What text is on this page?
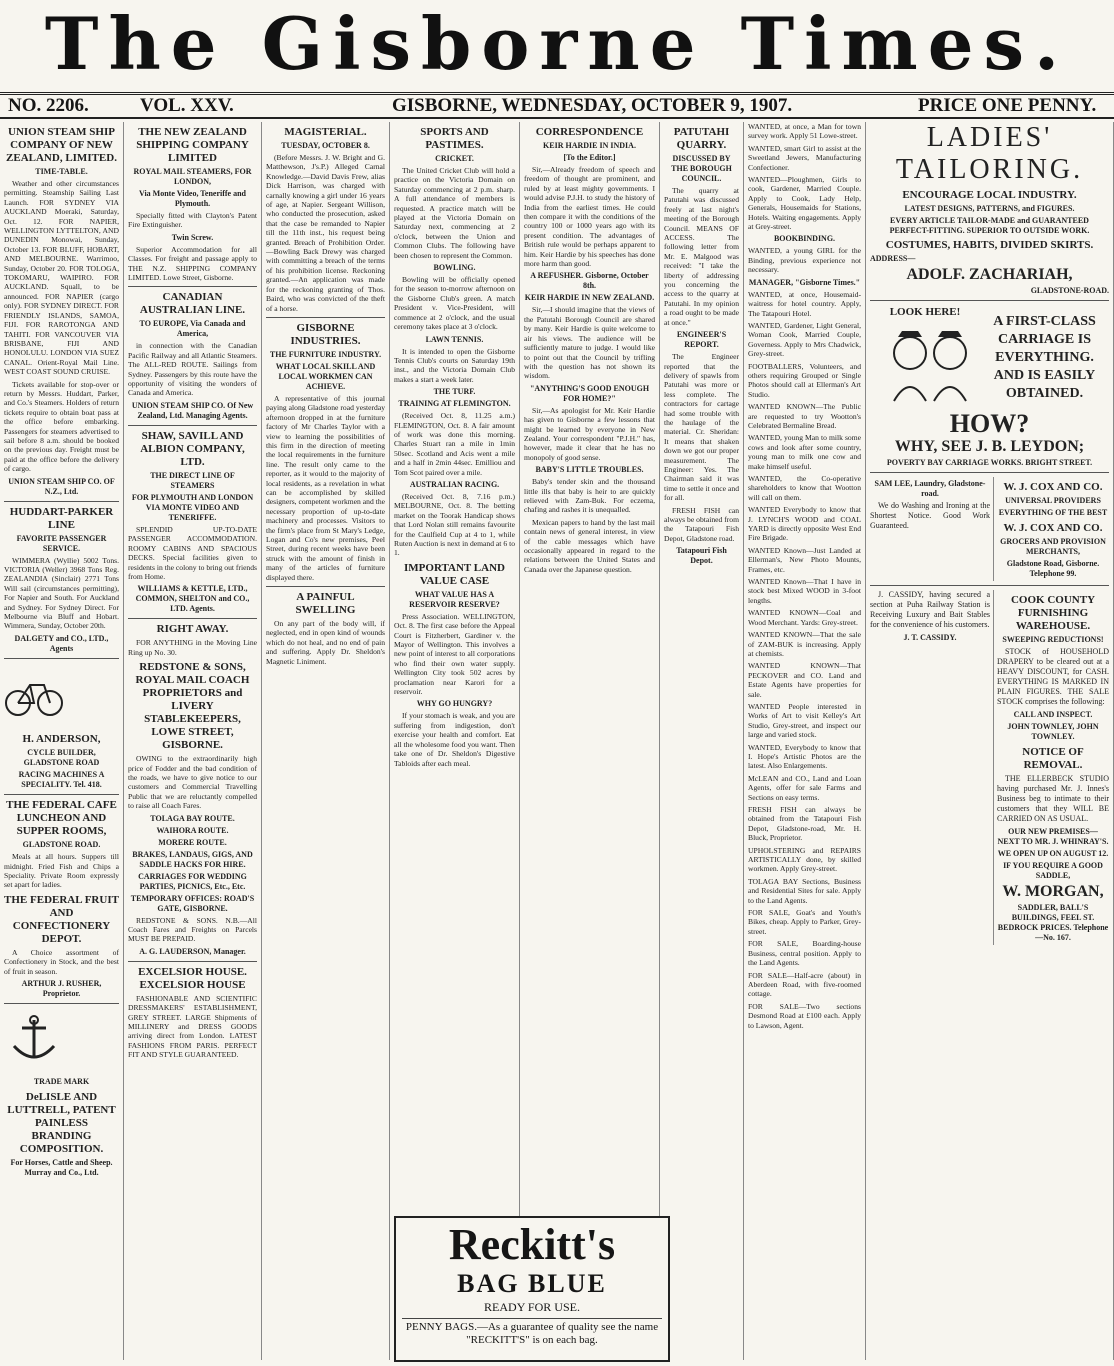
The Gisborne Times.
NO. 2206.	VOL. XXV.	GISBORNE, WEDNESDAY, OCTOBER 9, 1907.	PRICE ONE PENNY.
UNION STEAM SHIP COMPANY OF NEW ZEALAND, LIMITED.
TIME-TABLE.

Weather and other circumstances permitting. Steamship Sailing Last Launch. FOR SYDNEY VIA AUCKLAND Moeraki, Saturday, Oct. 12. FOR NAPIER, WELLINGTON LYTTELTON, AND DUNEDIN Monowai, Sunday, October 13. FOR BLUFF, HOBART, AND MELBOURNE. Warrimoo, Sunday, October 20. FOR TOLOGA, TOKOMARU, WAIPIRO. FOR AUCKLAND. Squall, to be announced. FOR NAPIER (cargo only). FOR SYDNEY DIRECT. FOR FRIENDLY ISLANDS, SAMOA, FIJI. FOR RAROTONGA AND TAHITI. FOR VANCOUVER VIA BRISBANE, FIJI AND HONOLULU. LONDON VIA SUEZ CANAL. Orient-Royal Mail Line. WEST COAST SOUND CRUISE.

Tickets available for stop-over or return by Messrs. Huddart, Parker, and Co.'s Steamers. Holders of return tickets require to obtain boat pass at the office before embarking. Passengers for steamers advertised to sail before 8 a.m. should be booked on the previous day. Freight must be paid at the office before the delivery of cargo.

UNION STEAM SHIP CO. OF N.Z., Ltd.
HUDDART-PARKER LINE
FAVORITE PASSENGER SERVICE.

WIMMERA (Wyllie) 5002 Tons. VICTORIA (Weller) 3968 Tons Reg. ZEALANDIA (Sinclair) 2771 Tons Will sail (circumstances permitting), For Napier and South. For Auckland and Sydney. For Sydney Direct. For Melbourne via Bluff and Hobart. Wimmera, Sunday, October 20th.

DALGETY and CO., LTD., Agents
H. ANDERSON,
CYCLE BUILDER, GLADSTONE ROAD
RACING MACHINES A SPECIALITY. Tel. 418.
THE FEDERAL CAFE LUNCHEON AND SUPPER ROOMS,
GLADSTONE ROAD.

Meals at all hours. Suppers till midnight. Fried Fish and Chips a Speciality. Private Room expressly set apart for ladies.

THE FEDERAL FRUIT AND CONFECTIONERY DEPOT.

A Choice assortment of Confectionery in Stock, and the best of fruit in season.

ARTHUR J. RUSHER, Proprietor.
TRADE MARK
DeLISLE AND LUTTRELL, PATENT PAINLESS BRANDING COMPOSITION.
For Horses, Cattle and Sheep. Murray and Co., Ltd.
THE NEW ZEALAND SHIPPING COMPANY LIMITED
ROYAL MAIL STEAMERS, FOR LONDON,
Via Monte Video, Teneriffe and Plymouth.

Specially fitted with Clayton's Patent Fire Extinguisher.

Twin Screw.

Superior Accommodation for all Classes. For freight and passage apply to THE N.Z. SHIPPING COMPANY LIMITED. Lowe Street, Gisborne.

CANADIAN AUSTRALIAN LINE.
TO EUROPE, Via Canada and America,

in connection with the Canadian Pacific Railway and all Atlantic Steamers. The ALL-RED ROUTE. Sailings from Sydney. Passengers by this route have the opportunity of visiting the wonders of Canada and America.

UNION STEAM SHIP CO. Of New Zealand, Ltd. Managing Agents.
SHAW, SAVILL AND ALBION COMPANY, LTD.
THE DIRECT LINE OF STEAMERS
FOR PLYMOUTH AND LONDON VIA MONTE VIDEO AND TENERIFFE.

SPLENDID UP-TO-DATE PASSENGER ACCOMMODATION. ROOMY CABINS AND SPACIOUS DECKS. Special facilities given to residents in the colony to bring out friends from Home.

WILLIAMS & KETTLE, LTD., COMMON, SHELTON and CO., LTD. Agents.
RIGHT AWAY.

FOR ANYTHING in the Moving Line Ring up No. 30.

REDSTONE & SONS, ROYAL MAIL COACH PROPRIETORS and LIVERY STABLEKEEPERS, LOWE STREET, GISBORNE.

OWING to the extraordinarily high price of Fodder and the bad condition of the roads, we have to give notice to our customers and Commercial Travelling Public that we are reluctantly compelled to raise all Coach Fares.

TOLAGA BAY ROUTE.
WAIHORA ROUTE.
MORERE ROUTE.
BRAKES, LANDAUS, GIGS, AND SADDLE HACKS FOR HIRE.
CARRIAGES FOR WEDDING PARTIES, PICNICS, Etc., Etc.
TEMPORARY OFFICES: ROAD'S GATE, GISBORNE.

REDSTONE & SONS. N.B.—All Coach Fares and Freights on Parcels MUST BE PREPAID.

A. G. LAUDERSON, Manager.
EXCELSIOR HOUSE. EXCELSIOR HOUSE

FASHIONABLE AND SCIENTIFIC DRESSMAKERS' ESTABLISHMENT, GREY STREET. LARGE Shipments of MILLINERY and DRESS GOODS arriving direct from London. LATEST FASHIONS FROM PARIS. PERFECT FIT AND STYLE GUARANTEED.

MAGISTERIAL.
TUESDAY, OCTOBER 8.

(Before Messrs. J. W. Bright and G. Matthewson, J's.P.) Alleged Carnal Knowledge.—David Davis Frew, alias Dick Harrison, was charged with carnally knowing a girl under 16 years of age, at Napier. Sergeant Willison, who conducted the prosecution, asked that the case be remanded to Napier till the 11th inst., his request being granted. Breach of Prohibition Order.—Bowling Back Drewy was charged with committing a breach of the terms of his prohibition license. Reckoning granted.—An application was made for the reckoning granting of Thos. Baird, who was convicted of the theft of a horse.

GISBORNE INDUSTRIES.
THE FURNITURE INDUSTRY.
WHAT LOCAL SKILL AND LOCAL WORKMEN CAN ACHIEVE.

A representative of this journal paying along Gladstone road yesterday afternoon dropped in at the furniture factory of Mr Charles Taylor with a view to learning the possibilities of this firm in the direction of meeting the local requirements in the furniture line. The result only came to the reporter, as it would to the majority of local residents, as a revelation in what can be accomplished by skilled designers, competent workmen and the necessary proportion of up-to-date machinery and processes. Visitors to the firm's place from St Mary's Ledge, Logan and Co's new premises, Peel Street, during recent weeks have been struck with the amount of finish in many of the articles of furniture displayed there.

A PAINFUL SWELLING

On any part of the body will, if neglected, end in open kind of wounds which do not heal, and no end of pain and suffering. Apply Dr. Sheldon's Magnetic Liniment.

SPORTS AND PASTIMES.
CRICKET.

The United Cricket Club will hold a practice on the Victoria Domain on Saturday commencing at 2 p.m. sharp. A full attendance of members is requested. A practice match will be played at the Victoria Domain on Saturday next, commencing at 2 o'clock, between the Union and Common Clubs. The following have been chosen to represent the Common.

BOWLING.

Bowling will be officially opened for the season to-morrow afternoon on the Gisborne Club's green. A match President v. Vice-President, will commence at 2 o'clock, and the usual ceremony takes place at 3 o'clock.

LAWN TENNIS.

It is intended to open the Gisborne Tennis Club's courts on Saturday 19th inst., and the Victoria Domain Club makes a start a week later.

THE TURF.
TRAINING AT FLEMINGTON.

(Received Oct. 8, 11.25 a.m.) FLEMINGTON, Oct. 8. A fair amount of work was done this morning. Charles Stuart ran a mile in 1min 50sec. Scotland and Acis went a mile and a half in 2min 44sec. Emilliou and Tom Scot paired over a mile.

AUSTRALIAN RACING.

(Received Oct. 8, 7.16 p.m.) MELBOURNE, Oct. 8. The betting market on the Toorak Handicap shows that Lord Nolan still remains favourite for the Caulfield Cup at 4 to 1, while Ruten Auction is next in demand at 6 to 1.

IMPORTANT LAND VALUE CASE
WHAT VALUE HAS A RESERVOIR RESERVE?

Press Association. WELLINGTON, Oct. 8. The first case before the Appeal Court is Fitzherbert, Gardiner v. the Mayor of Wellington. This involves a new point of interest to all corporations who find their own water supply. Wellington City took 502 acres by proclamation near Karori for a reservoir.

WHY GO HUNGRY?

If your stomach is weak, and you are suffering from indigestion, don't exercise your health and comfort. Eat all the wholesome food you want. Then take one of Dr. Sheldon's Digestive Tabloids after each meal.

CORRESPONDENCE
KEIR HARDIE IN INDIA.
[To the Editor.]

Sir,—Already freedom of speech and freedom of thought are prominent, and ruled by at least mighty governments. I would advise P.J.H. to study the history of India from the earliest times. He could then compare it with the conditions of the country 100 or 1000 years ago with its present condition. The advantages of British rule would be perhaps apparent to him. Keir Hardie by his speeches has done more harm than good.

A REFUSHER. Gisborne, October 8th.
KEIR HARDIE IN NEW ZEALAND.

Sir,—I should imagine that the views of the Patutahi Borough Council are shared by many. Keir Hardie is quite welcome to air his views. The audience will be sufficiently mature to judge. I would like to point out that the Council by trifling with the question has not shown its wisdom.

"ANYTHING'S GOOD ENOUGH FOR HOME?"

Sir,—As apologist for Mr. Keir Hardie has given to Gisborne a few lessons that might be learned by everyone in New Zealand. Your correspondent "P.J.H." has, however, made it clear that he has no monopoly of good sense.

BABY'S LITTLE TROUBLES.

Baby's tender skin and the thousand little ills that baby is heir to are quickly relieved with Zam-Buk. For eczema, chafing and rashes it is unequalled.

Mexican papers to hand by the last mail contain news of general interest, in view of the cable messages which have occasionally appeared in regard to the relations between the United States and Canada over the Japanese question.

PATUTAHI QUARRY.
DISCUSSED BY THE BOROUGH COUNCIL.

The quarry at Patutahi was discussed freely at last night's meeting of the Borough Council. MEANS OF ACCESS. The following letter from Mr. E. Malgood was received: "I take the liberty of addressing you concerning the access to the quarry at Patutahi. In my opinion a road ought to be made at once."

ENGINEER'S REPORT.

The Engineer reported that the delivery of spawls from Patutahi was more or less complete. The contractors for cartage had some trouble with the haulage of the material. Cr. Sheridan: It means that shaken down we got our proper measurement. The Engineer: Yes. The Chairman said it was time to settle it once and for all.

FRESH FISH can always be obtained from the Tatapouri Fish Depot, Gladstone road.

Tatapouri Fish Depot.

WANTED, at once, a Man for town survey work. Apply 51 Lowe-street.

WANTED, smart Girl to assist at the Sweetland Jewers, Manufacturing Confectioner.

WANTED—Ploughmen, Girls to cook, Gardener, Married Couple. Apply to Cook, Lady Help, Generals, Housemaids for Stations, Hotels. Waiting engagements. Apply at Grey-street.

BOOKBINDING.

WANTED, a young GIRL for the Binding, previous experience not necessary.

MANAGER, "Gisborne Times."

WANTED, at once, Housemaid-waitress for hotel country. Apply, The Tatapouri Hotel.

WANTED, Gardener, Light General, Woman Cook, Married Couple, Governess. Apply to Mrs Chadwick, Grey-street.

FOOTBALLERS, Volunteers, and others requiring Grouped or Single Photos should call at Ellerman's Art Studio.

WANTED KNOWN—The Public are requested to try Wootton's Celebrated Bermaline Bread.

WANTED, young Man to milk some cows and look after some country, young man to milk one cow and make himself useful.

WANTED, the Co-operative shareholders to know that Wootton will call on them.

WANTED Everybody to know that J. LYNCH'S WOOD and COAL YARD is directly opposite West End Fire Brigade.

WANTED Known—Just Landed at Ellerman's, New Photo Mounts, Frames, etc.

WANTED Known—That I have in stock best Mixed WOOD in 3-foot lengths.

WANTED KNOWN—Coal and Wood Merchant. Yards: Grey-street.

WANTED KNOWN—That the sale of ZAM-BUK is increasing. Apply at chemists.

WANTED KNOWN—That PECKOVER and CO. Land and Estate Agents have properties for sale.

WANTED People interested in Works of Art to visit Kelley's Art Studio, Grey-street, and inspect our large and varied stock.

WANTED, Everybody to know that I. Hope's Artistic Photos are the latest. Also Enlargements.

McLEAN and CO., Land and Loan Agents, offer for sale Farms and Sections on easy terms.

FRESH FISH can always be obtained from the Tatapouri Fish Depot, Gladstone-road, Mr. H. Bluck, Proprietor.

UPHOLSTERING and REPAIRS ARTISTICALLY done, by skilled workmen. Apply Grey-street.

TOLAGA BAY Sections, Business and Residential Sites for sale. Apply to the Land Agents.

FOR SALE, Goat's and Youth's Bikes, cheap. Apply to Parker, Grey-street.

FOR SALE, Boarding-house Business, central position. Apply to the Land Agents.

FOR SALE—Half-acre (about) in Aberdeen Road, with five-roomed cottage.

FOR SALE—Two sections Desmond Road at £100 each. Apply to Lawson, Agent.

LADIES' TAILORING.
ENCOURAGE LOCAL INDUSTRY.
LATEST DESIGNS, PATTERNS, and FIGURES.
EVERY ARTICLE TAILOR-MADE and GUARANTEED PERFECT-FITTING. SUPERIOR TO OUTSIDE WORK.
COSTUMES, HABITS, DIVIDED SKIRTS.
ADDRESS—
ADOLF. ZACHARIAH,
GLADSTONE-ROAD.
LOOK HERE!
A FIRST-CLASS CARRIAGE IS EVERYTHING. AND IS EASILY OBTAINED.
HOW?
WHY, SEE J. B. LEYDON;
POVERTY BAY CARRIAGE WORKS. BRIGHT STREET.
SAM LEE, Laundry, Gladstone-road.

We do Washing and Ironing at the Shortest Notice. Good Work Guaranteed.

W. J. COX AND CO.
UNIVERSAL PROVIDERS
EVERYTHING OF THE BEST
W. J. COX AND CO.
GROCERS AND PROVISION MERCHANTS,
Gladstone Road, Gisborne. Telephone 99.

J. CASSIDY, having secured a section at Puha Railway Station is Receiving Luxury and Bait Stables for the convenience of his customers.

J. T. CASSIDY.
COOK COUNTY FURNISHING WAREHOUSE.
SWEEPING REDUCTIONS!

STOCK of HOUSEHOLD DRAPERY to be cleared out at a HEAVY DISCOUNT, for CASH. EVERYTHING IS MARKED IN PLAIN FIGURES. THE SALE STOCK comprises the following:

CALL AND INSPECT.
JOHN TOWNLEY, JOHN TOWNLEY.
NOTICE OF REMOVAL.

THE ELLERBECK STUDIO having purchased Mr. J. Innes's Business beg to intimate to their customers that they WILL BE CARRIED ON AS USUAL.

OUR NEW PREMISES— NEXT TO MR. J. WHINRAY'S.
WE OPEN UP ON AUGUST 12.
IF YOU REQUIRE A GOOD SADDLE,
W. MORGAN,
SADDLER, BALL'S BUILDINGS, FEEL ST. BEDROCK PRICES. Telephone—No. 167.
Reckitt's
BAG BLUE
READY FOR USE.
PENNY BAGS.—As a guarantee of quality see the name "RECKITT'S" is on each bag.
